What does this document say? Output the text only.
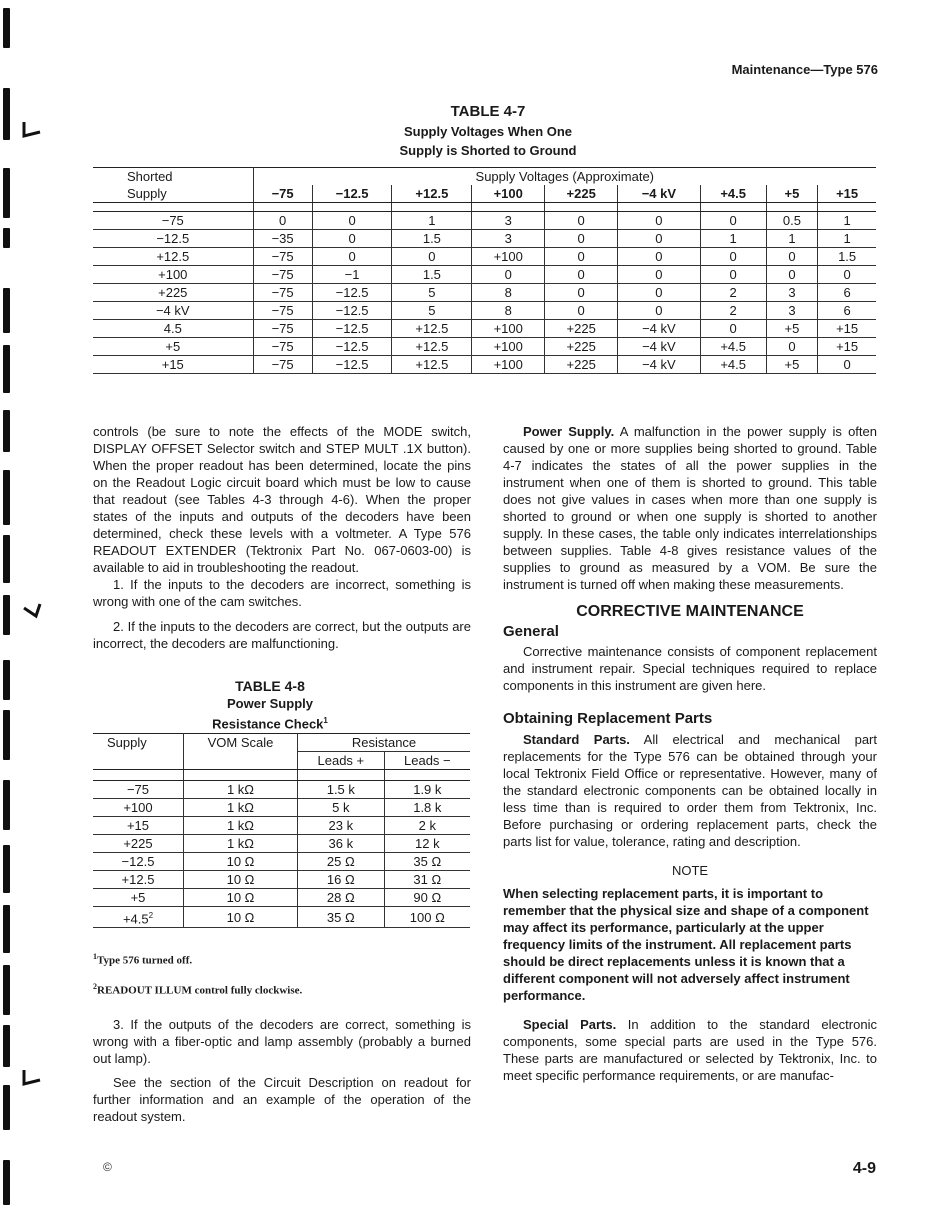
Maintenance—Type 576
TABLE 4-7
Supply Voltages When One
Supply is Shorted to Ground
Shorted	Supply Voltages (Approximate)								
Supply	−75	−12.5	+12.5	+100	+225	−4 kV	+4.5	+5	+15

−75	0	0	1	3	0	0	0	0.5	1
−12.5	−35	0	1.5	3	0	0	1	1	1
+12.5	−75	0	0	+100	0	0	0	0	1.5
+100	−75	−1	1.5	0	0	0	0	0	0
+225	−75	−12.5	5	8	0	0	2	3	6
−4 kV	−75	−12.5	5	8	0	0	2	3	6
4.5	−75	−12.5	+12.5	+100	+225	−4 kV	0	+5	+15
+5	−75	−12.5	+12.5	+100	+225	−4 kV	+4.5	0	+15
+15	−75	−12.5	+12.5	+100	+225	−4 kV	+4.5	+5	0

controls (be sure to note the effects of the MODE switch, DISPLAY OFFSET Selector switch and STEP MULT .1X button). When the proper readout has been determined, locate the pins on the Readout Logic circuit board which must be low to cause that readout (see Tables 4-3 through 4-6). When the proper states of the inputs and outputs of the decoders have been determined, check these levels with a voltmeter. A Type 576 READOUT EXTENDER (Tektronix Part No. 067-0603-00) is available to aid in troubleshooting the readout.

1. If the inputs to the decoders are incorrect, something is wrong with one of the cam switches.

2. If the inputs to the decoders are correct, but the outputs are incorrect, the decoders are malfunctioning.

TABLE 4-8
Power Supply
Resistance Check$^1$
Supply	VOM Scale	Resistance	
		Leads +	Leads −

−75	1 kΩ	1.5 k	1.9 k
+100	1 kΩ	5 k	1.8 k
+15	1 kΩ	23 k	2 k
+225	1 kΩ	36 k	12 k
−12.5	10 Ω	25 Ω	35 Ω
+12.5	10 Ω	16 Ω	31 Ω
+5	10 Ω	28 Ω	90 Ω
$+4.5^2$	10 Ω	35 Ω	100 Ω
$^1$Type 576 turned off.
$^2$READOUT ILLUM control fully clockwise.

3. If the outputs of the decoders are correct, something is wrong with a fiber-optic and lamp assembly (probably a burned out lamp).

See the section of the Circuit Description on readout for further information and an example of the operation of the readout system.

Power Supply. A malfunction in the power supply is often caused by one or more supplies being shorted to ground. Table 4-7 indicates the states of all the power supplies in the instrument when one of them is shorted to ground. This table does not give values in cases when more than one supply is shorted to ground or when one supply is shorted to another supply. In these cases, the table only indicates interrelationships between supplies. Table 4-8 gives resistance values of the supplies to ground as measured by a VOM. Be sure the instrument is turned off when making these measurements.

CORRECTIVE MAINTENANCE
General

Corrective maintenance consists of component replacement and instrument repair. Special techniques required to replace components in this instrument are given here.

Obtaining Replacement Parts

Standard Parts. All electrical and mechanical part replacements for the Type 576 can be obtained through your local Tektronix Field Office or representative. However, many of the standard electronic components can be obtained locally in less time than is required to order them from Tektronix, Inc. Before purchasing or ordering replacement parts, check the parts list for value, tolerance, rating and description.

NOTE

When selecting replacement parts, it is important to remember that the physical size and shape of a component may affect its performance, particularly at the upper frequency limits of the instrument. All replacement parts should be direct replacements unless it is known that a different component will not adversely affect instrument performance.

Special Parts. In addition to the standard electronic components, some special parts are used in the Type 576. These parts are manufactured or selected by Tektronix, Inc. to meet specific performance requirements, or are manufac-

©	4-9
